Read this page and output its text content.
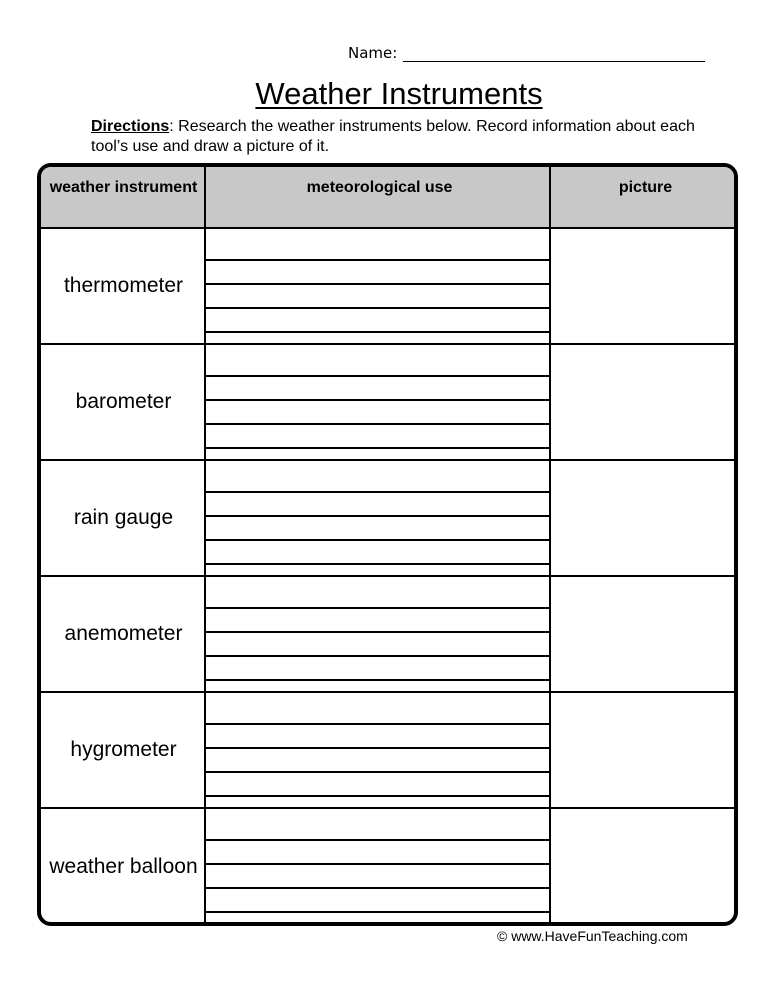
Name:
Weather Instruments
Directions: Research the weather instruments below. Record information about each tool’s use and draw a picture of it.
weather instrument	meteorological use	picture
thermometer
barometer
rain gauge
anemometer
hygrometer
weather balloon
© www.HaveFunTeaching.com
